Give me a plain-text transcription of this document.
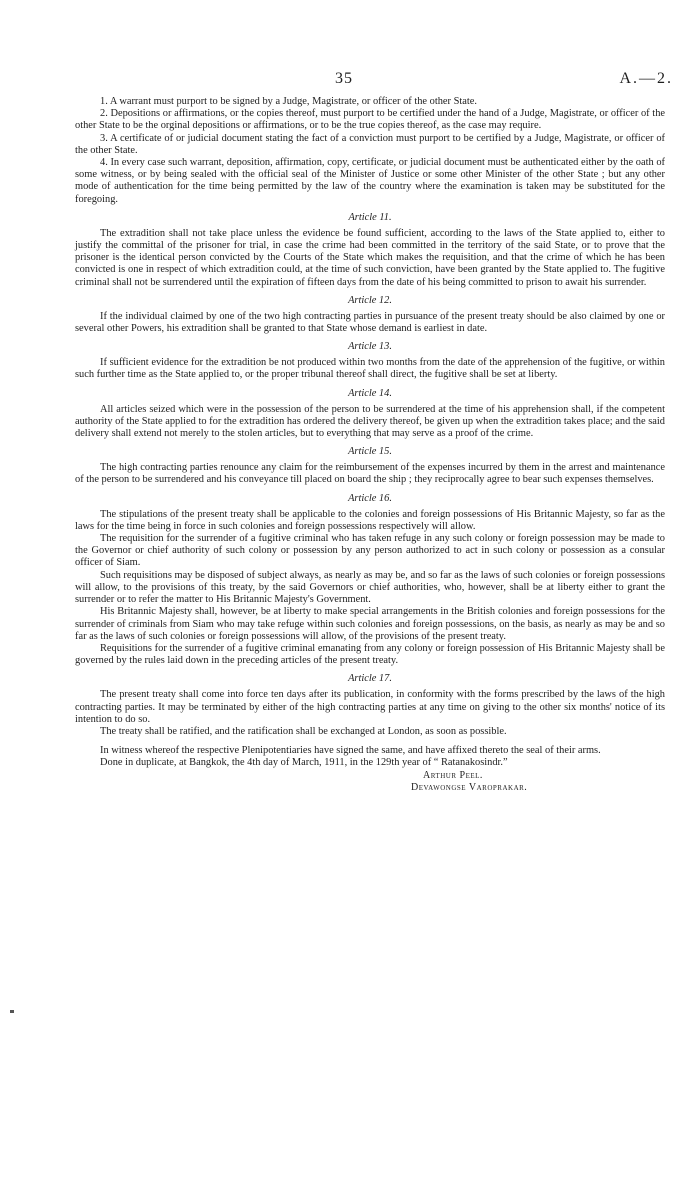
35	A.—2.

1. A warrant must purport to be signed by a Judge, Magistrate, or officer of the other State.

2. Depositions or affirmations, or the copies thereof, must purport to be certified under the hand of a Judge, Magistrate, or officer of the other State to be the orginal depositions or affirmations, or to be the true copies thereof, as the case may require.

3. A certificate of or judicial document stating the fact of a conviction must purport to be certified by a Judge, Magistrate, or officer of the other State.

4. In every case such warrant, deposition, affirmation, copy, certificate, or judicial document must be authenticated either by the oath of some witness, or by being sealed with the official seal of the Minister of Justice or some other Minister of the other State ; but any other mode of authentication for the time being permitted by the law of the country where the examination is taken may be substituted for the foregoing.

Article 11.

The extradition shall not take place unless the evidence be found sufficient, according to the laws of the State applied to, either to justify the committal of the prisoner for trial, in case the crime had been committed in the territory of the said State, or to prove that the prisoner is the identical person convicted by the Courts of the State which makes the requisition, and that the crime of which he has been convicted is one in respect of which extradition could, at the time of such conviction, have been granted by the State applied to. The fugitive criminal shall not be surrendered until the expiration of fifteen days from the date of his being committed to prison to await his surrender.

Article 12.

If the individual claimed by one of the two high contracting parties in pursuance of the present treaty should be also claimed by one or several other Powers, his extradition shall be granted to that State whose demand is earliest in date.

Article 13.

If sufficient evidence for the extradition be not produced within two months from the date of the apprehension of the fugitive, or within such further time as the State applied to, or the proper tribunal thereof shall direct, the fugitive shall be set at liberty.

Article 14.

All articles seized which were in the possession of the person to be surrendered at the time of his apprehension shall, if the competent authority of the State applied to for the extradition has ordered the delivery thereof, be given up when the extradition takes place; and the said delivery shall extend not merely to the stolen articles, but to everything that may serve as a proof of the crime.

Article 15.

The high contracting parties renounce any claim for the reimbursement of the expenses incurred by them in the arrest and maintenance of the person to be surrendered and his conveyance till placed on board the ship ; they reciprocally agree to bear such expenses themselves.

Article 16.

The stipulations of the present treaty shall be applicable to the colonies and foreign possessions of His Britannic Majesty, so far as the laws for the time being in force in such colonies and foreign possessions respectively will allow.

The requisition for the surrender of a fugitive criminal who has taken refuge in any such colony or foreign possession may be made to the Governor or chief authority of such colony or possession by any person authorized to act in such colony or possession as a consular officer of Siam.

Such requisitions may be disposed of subject always, as nearly as may be, and so far as the laws of such colonies or foreign possessions will allow, to the provisions of this treaty, by the said Governors or chief authorities, who, however, shall be at liberty either to grant the surrender or to refer the matter to His Britannic Majesty's Government.

His Britannic Majesty shall, however, be at liberty to make special arrangements in the British colonies and foreign possessions for the surrender of criminals from Siam who may take refuge within such colonies and foreign possessions, on the basis, as nearly as may be and so far as the laws of such colonies or foreign possessions will allow, of the provisions of the present treaty.

Requisitions for the surrender of a fugitive criminal emanating from any colony or foreign possession of His Britannic Majesty shall be governed by the rules laid down in the preceding articles of the present treaty.

Article 17.

The present treaty shall come into force ten days after its publication, in conformity with the forms prescribed by the laws of the high contracting parties. It may be terminated by either of the high contracting parties at any time on giving to the other six months' notice of its intention to do so.

The treaty shall be ratified, and the ratification shall be exchanged at London, as soon as possible.

In witness whereof the respective Plenipotentiaries have signed the same, and have affixed thereto the seal of their arms.

Done in duplicate, at Bangkok, the 4th day of March, 1911, in the 129th year of “ Ratanakosindr.”

Arthur Peel.
Devawongse Varoprakar.
